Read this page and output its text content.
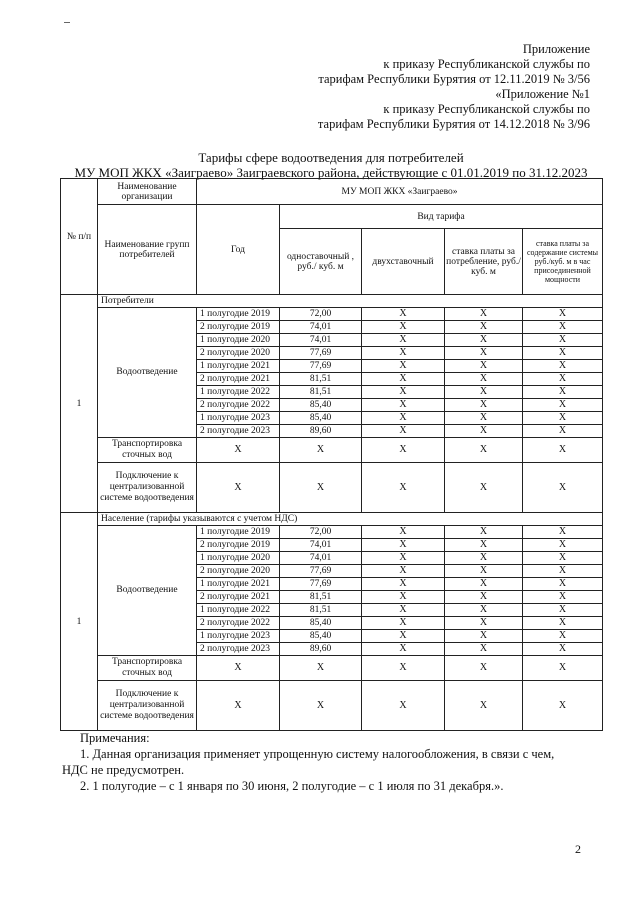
Приложение
к приказу Республиканской службы по
тарифам Республики Бурятия от 12.11.2019 № 3/56
«Приложение №1
к приказу Республиканской службы по
тарифам Республики Бурятия от 14.12.2018 № 3/96
Тарифы сфере водоотведения для потребителей
МУ МОП ЖКХ «Заиграево» Заиграевского района, действующие с 01.01.2019 по 31.12.2023
№ п/п	Наименование организации	МУ МОП ЖКХ «Заиграево»				
	Наименование групп потребителей	Год	Вид тарифа			
			одноставочный , руб./ куб. м	двухставочный	ставка платы за потребление, руб./ куб. м	ставка платы за содержание системы руб./куб. м в час присоединенной мощности
1	Потребители					
	Водоотведение	1 полугодие 2019	72,00	Х	Х	Х
		2 полугодие 2019	74,01	Х	Х	Х
		1 полугодие 2020	74,01	Х	Х	Х
		2 полугодие 2020	77,69	Х	Х	Х
		1 полугодие 2021	77,69	Х	Х	Х
		2 полугодие 2021	81,51	Х	Х	Х
		1 полугодие 2022	81,51	Х	Х	Х
		2 полугодие 2022	85,40	Х	Х	Х
		1 полугодие 2023	85,40	Х	Х	Х
		2 полугодие 2023	89,60	Х	Х	Х
	Транспортировка сточных вод	Х	Х	Х	Х	Х
	Подключение к централизованной системе водоотведения	Х	Х	Х	Х	Х
1	Население (тарифы указываются с учетом НДС)					
	Водоотведение	1 полугодие 2019	72,00	Х	Х	Х
		2 полугодие 2019	74,01	Х	Х	Х
		1 полугодие 2020	74,01	Х	Х	Х
		2 полугодие 2020	77,69	Х	Х	Х
		1 полугодие 2021	77,69	Х	Х	Х
		2 полугодие 2021	81,51	Х	Х	Х
		1 полугодие 2022	81,51	Х	Х	Х
		2 полугодие 2022	85,40	Х	Х	Х
		1 полугодие 2023	85,40	Х	Х	Х
		2 полугодие 2023	89,60	Х	Х	Х
	Транспортировка сточных вод	Х	Х	Х	Х	Х
	Подключение к централизованной системе водоотведения	Х	Х	Х	Х	Х
Примечания:
1. Данная организация применяет упрощенную систему налогообложения, в связи с чем,
НДС не предусмотрен.
2. 1 полугодие – с 1 января по 30 июня, 2 полугодие – с 1 июля по 31 декабря.».
2
